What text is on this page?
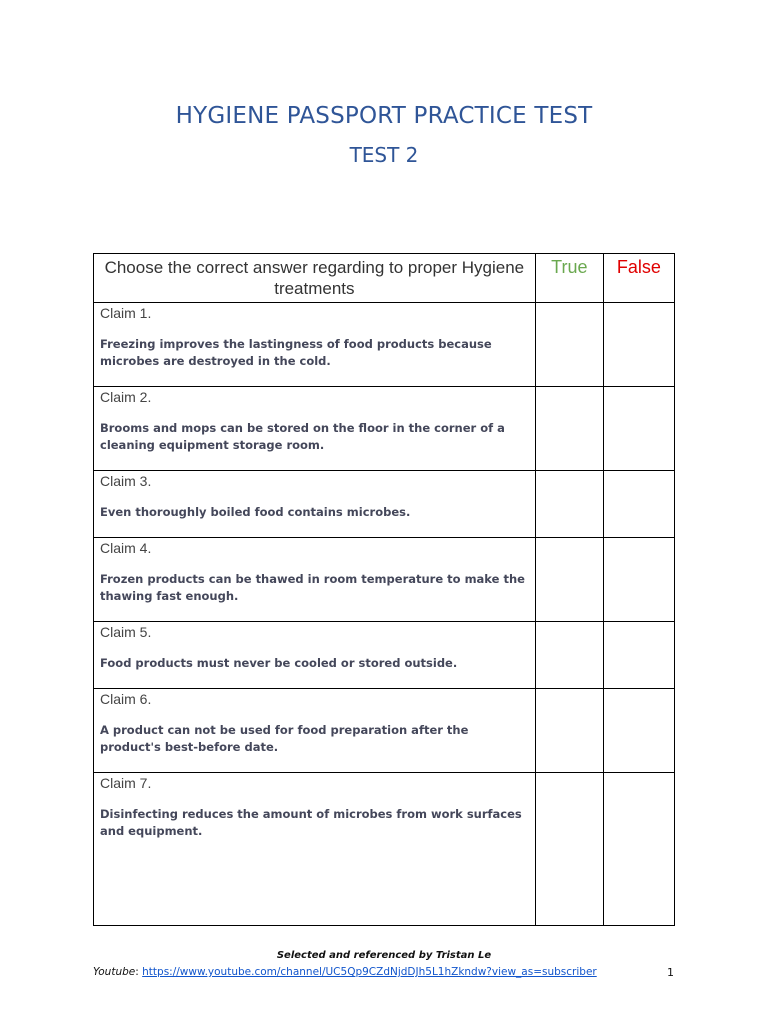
HYGIENE PASSPORT PRACTICE TEST
TEST 2
Choose the correct answer regarding to proper Hygiene treatments	True	False

Claim 1.
Freezing improves the lastingness of food products because microbes are destroyed in the cold.		

Claim 2.
Brooms and mops can be stored on the floor in the corner of a cleaning equipment storage room.		

Claim 3.
Even thoroughly boiled food contains microbes.		

Claim 4.
Frozen products can be thawed in room temperature to make the thawing fast enough.		

Claim 5.
Food products must never be cooled or stored outside.		

Claim 6.
A product can not be used for food preparation after the product's best-before date.		

Claim 7.
Disinfecting reduces the amount of microbes from work surfaces and equipment.		

Selected and referenced by Tristan Le
Youtube: https://www.youtube.com/channel/UC5Qp9CZdNjdDJh5L1hZkndw?view_as=subscriber	1
